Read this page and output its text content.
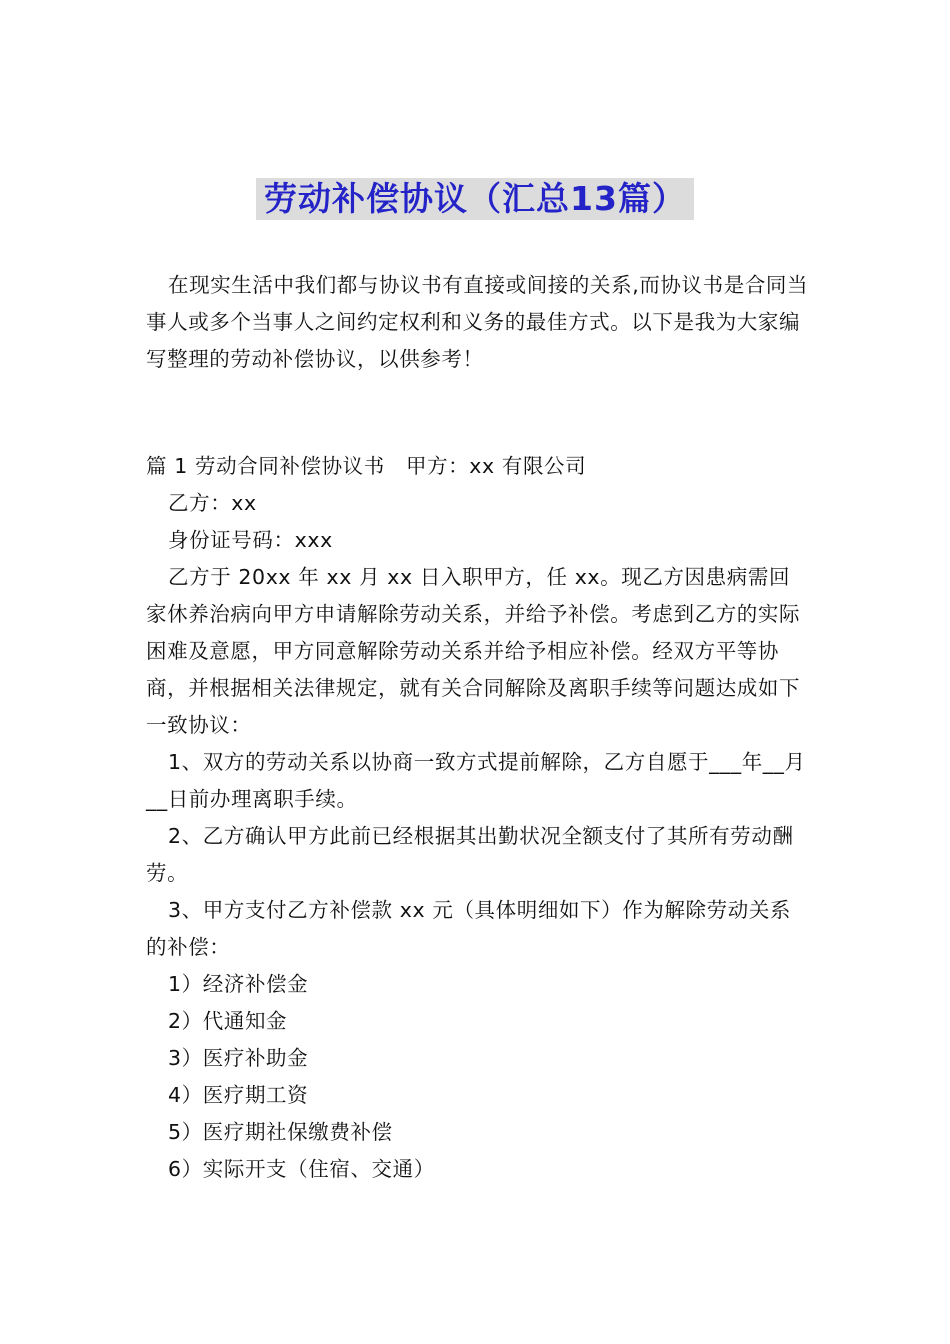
劳动补偿协议（汇总13篇）

在现实生活中我们都与协议书有直接或间接的关系,而协议书是合同当事人或多个当事人之间约定权利和义务的最佳方式。以下是我为大家编写整理的劳动补偿协议，以供参考！

篇 1 劳动合同补偿协议书　甲方：xx 有限公司

乙方：xx

身份证号码：xxx

乙方于 20xx 年 xx 月 xx 日入职甲方，任 xx。现乙方因患病需回家休养治病向甲方申请解除劳动关系，并给予补偿。考虑到乙方的实际困难及意愿，甲方同意解除劳动关系并给予相应补偿。经双方平等协商，并根据相关法律规定，就有关合同解除及离职手续等问题达成如下一致协议：

1、双方的劳动关系以协商一致方式提前解除，乙方自愿于___年__月__日前办理离职手续。

2、乙方确认甲方此前已经根据其出勤状况全额支付了其所有劳动酬劳。

3、甲方支付乙方补偿款 xx 元（具体明细如下）作为解除劳动关系的补偿：

1）经济补偿金

2）代通知金

3）医疗补助金

4）医疗期工资

5）医疗期社保缴费补偿

6）实际开支（住宿、交通）
